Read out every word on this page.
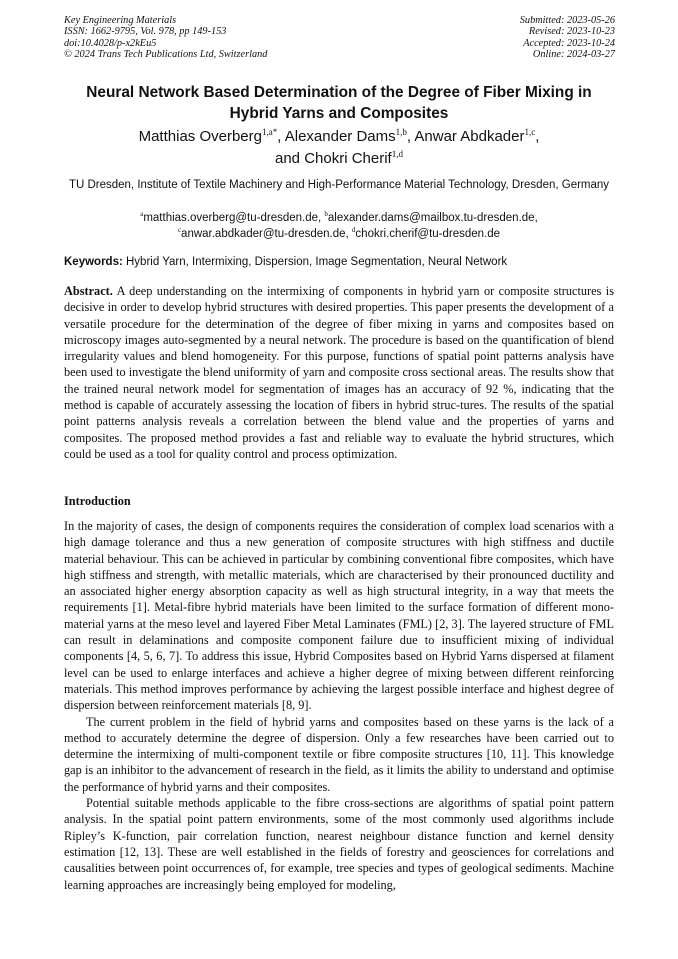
Key Engineering Materials
ISSN: 1662-9795, Vol. 978, pp 149-153
doi:10.4028/p-x2kEu5
© 2024 Trans Tech Publications Ltd, Switzerland
Submitted: 2023-05-26
Revised: 2023-10-23
Accepted: 2023-10-24
Online: 2024-03-27
Neural Network Based Determination of the Degree of Fiber Mixing in Hybrid Yarns and Composites
Matthias Overberg$^{1,a*}$, Alexander Dams$^{1,b}$, Anwar Abdkader$^{1,c}$,
and Chokri Cherif$^{1,d}$
TU Dresden, Institute of Textile Machinery and High-Performance Material Technology, Dresden, Germany
$^a$matthias.overberg@tu-dresden.de, $^b$alexander.dams@mailbox.tu-dresden.de,
$^c$anwar.abdkader@tu-dresden.de, $^d$chokri.cherif@tu-dresden.de
Keywords: Hybrid Yarn, Intermixing, Dispersion, Image Segmentation, Neural Network
Abstract. A deep understanding on the intermixing of components in hybrid yarn or composite structures is decisive in order to develop hybrid structures with desired properties. This paper presents the development of a versatile procedure for the determination of the degree of fiber mixing in yarns and composites based on microscopy images auto-segmented by a neural network. The procedure is based on the quantification of blend irregularity values and blend homogeneity. For this purpose, functions of spatial point patterns analysis have been used to investigate the blend uniformity of yarn and composite cross sectional areas. The results show that the trained neural network model for segmentation of images has an accuracy of 92 %, indicating that the method is capable of accurately assessing the location of fibers in hybrid struc-tures. The results of the spatial point patterns analysis reveals a correlation between the blend value and the properties of yarns and composites. The proposed method provides a fast and reliable way to evaluate the hybrid structures, which could be used as a tool for quality control and process optimization.
Introduction

In the majority of cases, the design of components requires the consideration of complex load scenarios with a high damage tolerance and thus a new generation of composite structures with high stiffness and ductile material behaviour. This can be achieved in particular by combining conventional fibre composites, which have high stiffness and strength, with metallic materials, which are characterised by their pronounced ductility and an associated higher energy absorption capacity as well as high structural integrity, in a way that meets the requirements [1]. Metal-fibre hybrid materials have been limited to the surface formation of different mono-material yarns at the meso level and layered Fiber Metal Laminates (FML) [2, 3]. The layered structure of FML can result in delaminations and composite component failure due to insufficient mixing of individual components [4, 5, 6, 7]. To address this issue, Hybrid Composites based on Hybrid Yarns dispersed at filament level can be used to enlarge interfaces and achieve a higher degree of mixing between different reinforcing materials. This method improves performance by achieving the largest possible interface and highest degree of dispersion between reinforcement materials [8, 9].

The current problem in the field of hybrid yarns and composites based on these yarns is the lack of a method to accurately determine the degree of dispersion. Only a few researches have been carried out to determine the intermixing of multi-component textile or fibre composite structures [10, 11]. This knowledge gap is an inhibitor to the advancement of research in the field, as it limits the ability to understand and optimise the performance of hybrid yarns and their composites.

Potential suitable methods applicable to the fibre cross-sections are algorithms of spatial point pattern analysis. In the spatial point pattern environments, some of the most commonly used algorithms include Ripley’s K-function, pair correlation function, nearest neighbour distance function and kernel density estimation [12, 13]. These are well established in the fields of forestry and geosciences for correlations and causalities between point occurrences of, for example, tree species and types of geological sediments. Machine learning approaches are increasingly being employed for modeling,
